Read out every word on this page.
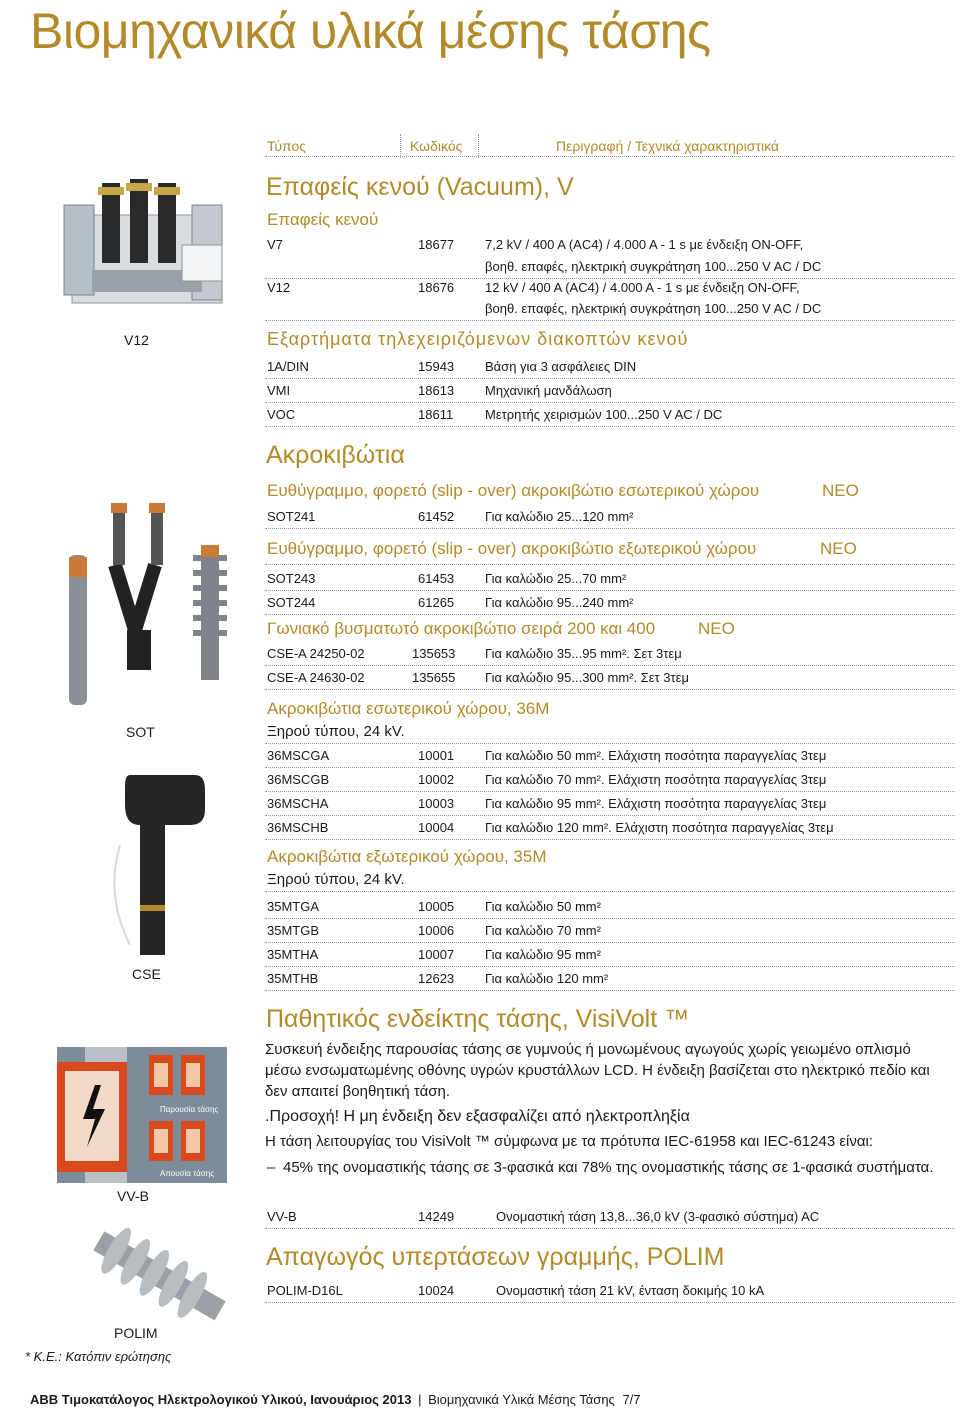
Βιομηχανικά υλικά μέσης τάσης
Τύπος	Κωδικός	Περιγραφή / Τεχνικά χαρακτηριστικά
Επαφείς κενού (Vacuum), V
Επαφείς κενού
V7	18677 7,2 kV / 400 A (AC4) / 4.000 A - 1 s με ένδειξη ON-OFF,
βοηθ. επαφές, ηλεκτρική συγκράτηση 100...250 V AC / DC
V12	18676 12 kV / 400 A (AC4) / 4.000 A - 1 s με ένδειξη ON-OFF,
βοηθ. επαφές, ηλεκτρική συγκράτηση 100...250 V AC / DC
Εξαρτήματα τηλεχειριζόμενων διακοπτών κενού
1A/DIN	15943 Βάση για 3 ασφάλειες DIN
VMI	18613 Μηχανική μανδάλωση
VOC	18611 Μετρητής χειρισμών 100...250 V AC / DC
Ακροκιβώτια
Ευθύγραμμο, φορετό (slip - over) ακροκιβώτιο εσωτερικού χώρου	ΝΕΟ
SOT241	61452 Για καλώδιο 25...120 mm²
Ευθύγραμμο, φορετό (slip - over) ακροκιβώτιο εξωτερικού χώρου	ΝΕΟ
SOT243	61453 Για καλώδιο 25...70 mm²
SOT244	61265 Για καλώδιο 95...240 mm²
Γωνιακό βυσματωτό ακροκιβώτιο σειρά 200 και 400	ΝΕΟ
CSE-A 24250-02	135653 Για καλώδιο 35...95 mm². Σετ 3τεμ
CSE-A 24630-02	135655 Για καλώδιο 95...300 mm². Σετ 3τεμ
Ακροκιβώτια εσωτερικού χώρου, 36M
Ξηρού τύπου, 24 kV.
36MSCGA	10001 Για καλώδιο 50 mm². Ελάχιστη ποσότητα παραγγελίας 3τεμ
36MSCGB	10002 Για καλώδιο 70 mm². Ελάχιστη ποσότητα παραγγελίας 3τεμ
36MSCHA	10003 Για καλώδιο 95 mm². Ελάχιστη ποσότητα παραγγελίας 3τεμ
36MSCHB	10004 Για καλώδιο 120 mm². Ελάχιστη ποσότητα παραγγελίας 3τεμ
Ακροκιβώτια εξωτερικού χώρου, 35M
Ξηρού τύπου, 24 kV.
35MTGA	10005 Για καλώδιο 50 mm²
35MTGB	10006 Για καλώδιο 70 mm²
35MTHA	10007 Για καλώδιο 95 mm²
35MTHB	12623 Για καλώδιο 120 mm²
Παθητικός ενδείκτης τάσης, VisiVolt ™
Συσκευή ένδειξης παρουσίας τάσης σε γυμνούς ή μονωμένους αγωγούς χωρίς γειωμένο οπλισμό μέσω ενσωματωμένης οθόνης υγρών κρυστάλλων LCD. Η ένδειξη βασίζεται στο ηλεκτρικό πεδίο και δεν απαιτεί βοηθητική τάση.
.Προσοχή! Η μη ένδειξη δεν εξασφαλίζει από ηλεκτροπληξία
Η τάση λειτουργίας του VisiVolt ™ σύμφωνα με τα πρότυπα IEC-61958 και IEC-61243 είναι:
– 45% της ονομαστικής τάσης σε 3-φασικά και 78% της ονομαστικής τάσης σε 1-φασικά συστήματα.
VV-B	14249	Ονομαστική τάση 13,8...36,0 kV (3-φασικό σύστημα) AC
Απαγωγός υπερτάσεων γραμμής, POLIM
POLIM-D16L	10024	Ονομαστική τάση 21 kV, ένταση δοκιμής 10 kA
V12
SOT
CSE
Παρουσία τάσης
Απουσία τάσης
VV-B
POLIM
* Κ.Ε.: Κατόπιν ερώτησης
ABB Τιμοκατάλογος Ηλεκτρολογικού Υλικού, Ιανουάριος 2013 | Βιομηχανικά Υλικά Μέσης Τάσης 7/7
